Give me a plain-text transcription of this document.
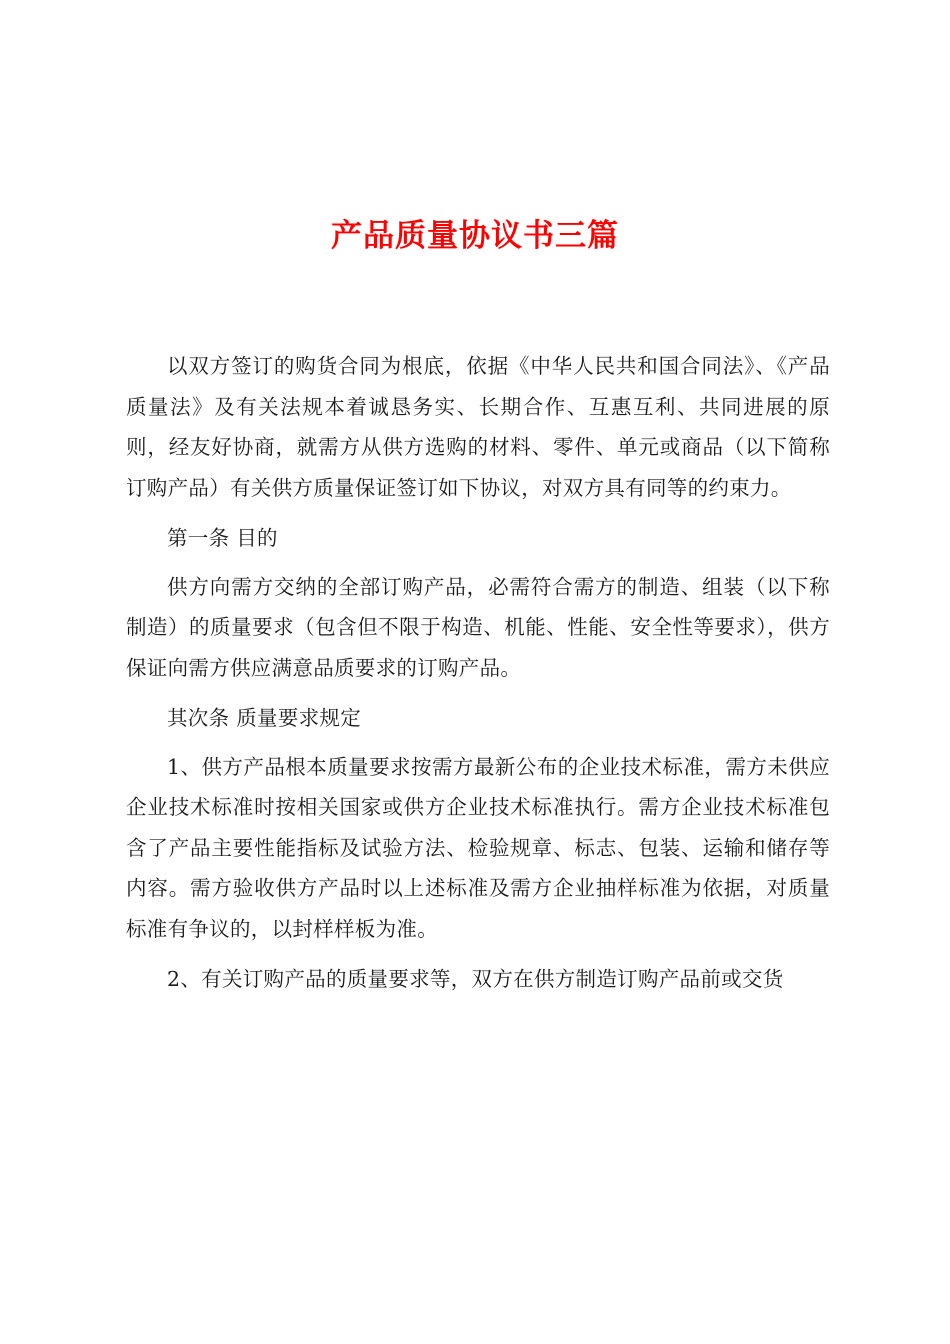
产品质量协议书三篇

以双方签订的购货合同为根底，依据《中华人民共和国合同法》、《产品质量法》及有关法规本着诚恳务实、长期合作、互惠互利、共同进展的原则，经友好协商，就需方从供方选购的材料、零件、单元或商品（以下简称订购产品）有关供方质量保证签订如下协议，对双方具有同等的约束力。

第一条 目的

供方向需方交纳的全部订购产品，必需符合需方的制造、组装（以下称制造）的质量要求（包含但不限于构造、机能、性能、安全性等要求），供方保证向需方供应满意品质要求的订购产品。

其次条 质量要求规定

1、供方产品根本质量要求按需方最新公布的企业技术标准，需方未供应企业技术标准时按相关国家或供方企业技术标准执行。需方企业技术标准包含了产品主要性能指标及试验方法、检验规章、标志、包装、运输和储存等内容。需方验收供方产品时以上述标准及需方企业抽样标准为依据，对质量标准有争议的，以封样样板为准。

2、有关订购产品的质量要求等，双方在供方制造订购产品前或交货
